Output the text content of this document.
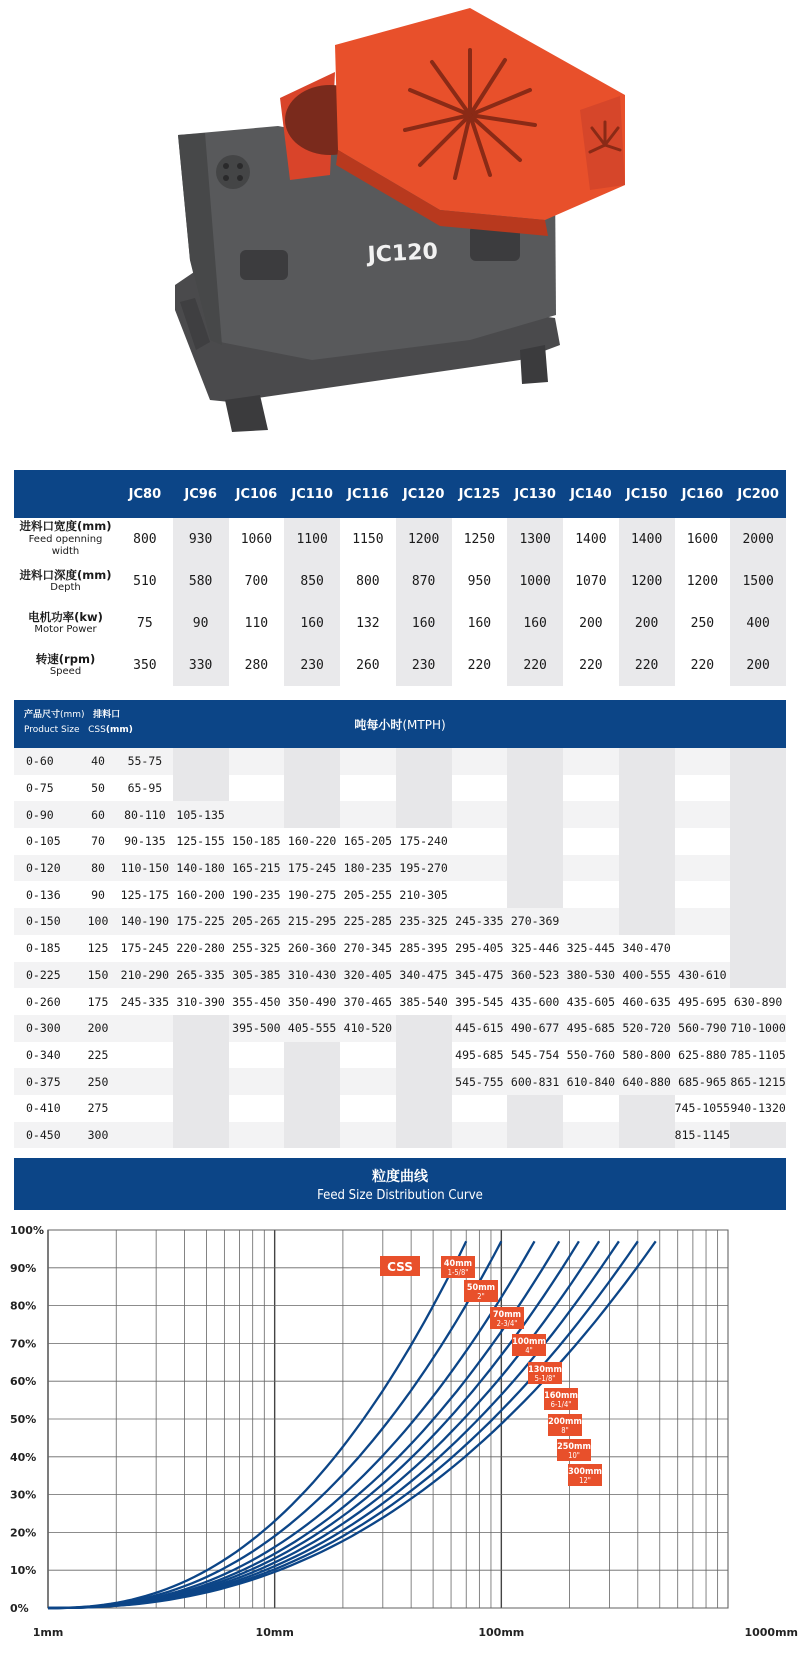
JC120
	JC80	JC96	JC106	JC110	JC116	JC120	JC125	JC130	JC140	JC150	JC160	JC200
进料口宽度(mm)
Feed openning width	800	930	1060	1100	1150	1200	1250	1300	1400	1400	1600	2000
进料口深度(mm)
Depth	510	580	700	850	800	870	950	1000	1070	1200	1200	1500
电机功率(kw)
Motor Power	75	90	110	160	132	160	160	160	200	200	250	400
转速(rpm)
Speed	350	330	280	230	260	230	220	220	220	220	220	200
产品尺寸(mm) 排料口
Product Size CSS(mm)	吨每小时(MTPH)
0-60	40	55-75											
0-75	50	65-95											
0-90	60	80-110	105-135										
0-105	70	90-135	125-155	150-185	160-220	165-205	175-240						
0-120	80	110-150	140-180	165-215	175-245	180-235	195-270						
0-136	90	125-175	160-200	190-235	190-275	205-255	210-305						
0-150	100	140-190	175-225	205-265	215-295	225-285	235-325	245-335	270-369				
0-185	125	175-245	220-280	255-325	260-360	270-345	285-395	295-405	325-446	325-445	340-470		
0-225	150	210-290	265-335	305-385	310-430	320-405	340-475	345-475	360-523	380-530	400-555	430-610	
0-260	175	245-335	310-390	355-450	350-490	370-465	385-540	395-545	435-600	435-605	460-635	495-695	630-890
0-300	200			395-500	405-555	410-520		445-615	490-677	495-685	520-720	560-790	710-1000
0-340	225							495-685	545-754	550-760	580-800	625-880	785-1105
0-375	250							545-755	600-831	610-840	640-880	685-965	865-1215
0-410	275											745-1055	940-1320
0-450	300											815-1145	
粒度曲线
Feed Size Distribution Curve
0%
10%
20%
30%
40%
50%
60%
70%
80%
90%
100%
1mm	10mm	100mm	1000mm
CSS	40mm
1-5/8"
50mm
2"
70mm
2-3/4"
100mm
4"
130mm
5-1/8"
160mm
6-1/4"
200mm
8"
250mm
10"
300mm
12"
